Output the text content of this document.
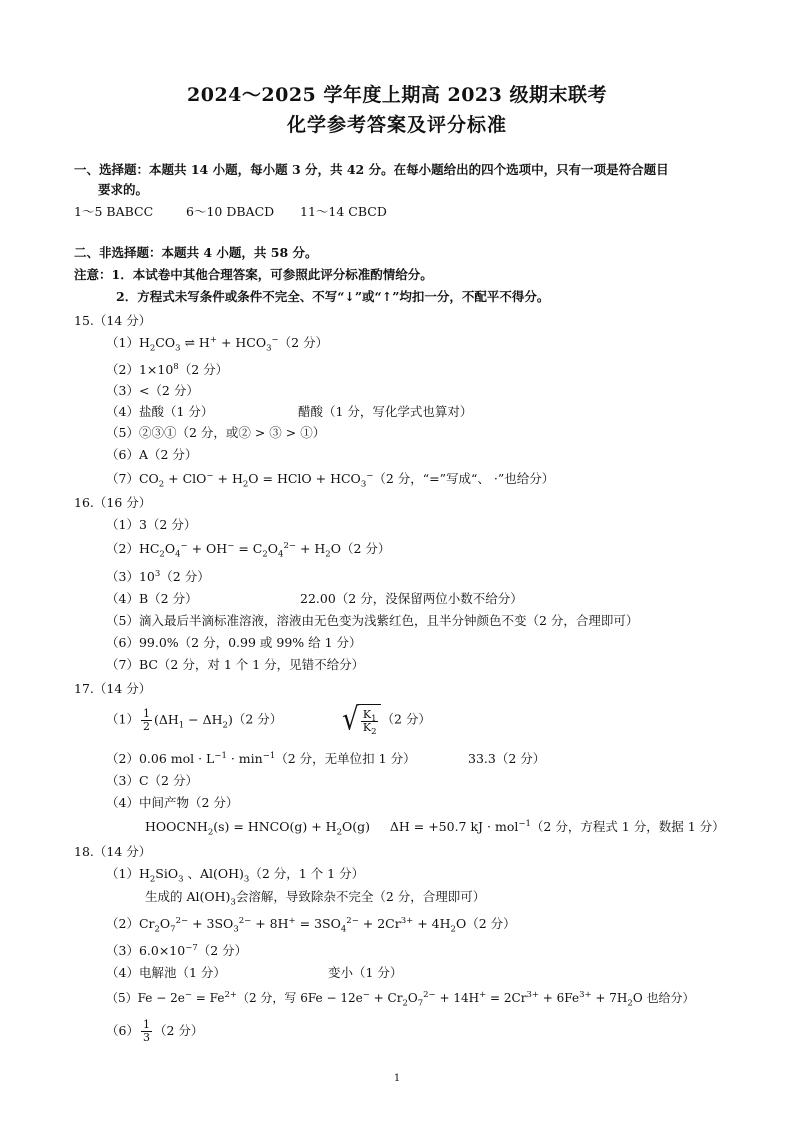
2024～2025 学年度上期高 2023 级期末联考
化学参考答案及评分标准
一、选择题：本题共 14 小题，每小题 3 分，共 42 分。在每小题给出的四个选项中，只有一项是符合题目
要求的。
1～5 BABCC	6～10 DBACD 11～14 CBCD
二、非选择题：本题共 4 小题，共 58 分。
注意：1．本试卷中其他合理答案，可参照此评分标准酌情给分。
2．方程式未写条件或条件不完全、不写“↓”或“↑”均扣一分，不配平不得分。
15.（14 分）
$(1)H_2CO_3$ ⇌ $H^+ + HCO_3^-(2$ 分）
$(2)1\times 10^8(2$ 分）
（3）<（2 分）
（4）盐酸（1 分）	醋酸（1 分，写化学式也算对）
（5）②③①（2 分，或② > ③ > ①）
（6）A（2 分）
$(7)CO_2 + ClO^- + H_2O$ = HClO + $HCO_3^-(2$ 分，“=”写成“、 ·”也给分）
16.（16 分）
（1）3（2 分）
$(2)HC_2O_4^- + OH^- = C_2O_4^{2-} + H_2O(2$ 分）
$(3)10^3(2$ 分）
（4）B（2 分）	22.00（2 分，没保留两位小数不给分）
（5）滴入最后半滴标准溶液，溶液由无色变为浅紫红色，且半分钟颜色不变（2 分，合理即可）
（6）99.0%（2 分，0.99 或 99% 给 1 分）
（7）BC（2 分，对 1 个 1 分，见错不给分）
17.（14 分）
$(1) \frac{1}{2} (\Delta H_1 - \Delta H_2)(2$ 分） √ $\frac{K_1}{K_2} (2$ 分）
（2）0.06 mol · $L^{-1} \cdot \min^{-1}(2$ 分，无单位扣 1 分）	33.3（2 分）
（3）C（2 分）
（4）中间产物（2 分）
$HOOCNH_2(s)$ = HNCO(g) + $H_2O(g)$     ΔH = +50.7 kJ · mol$^{-1}$（2 分，方程式 1 分，数据 1 分）
18.（14 分）
$(1)H_2SiO_3$ 、$Al(OH)_3(2$ 分，1 个 1 分）
生成的 $Al(OH)_3$会溶解，导致除杂不完全（2 分，合理即可）
$(2)Cr_2O_7^{2-} + 3SO_3^{2-} + 8H^+ = 3SO_4^{2-} + 2Cr^{3+} + 4H_2O(2$ 分）
$(3)6.0\times 10^{-7}(2$ 分）
（4）电解池（1 分）	变小（1 分）
$(5)Fe - 2e^- = Fe^{2+}(2$ 分，写 $6Fe - 12e^- + Cr_2O_7^{2-} + 14H^+ = 2Cr^{3+} + 6Fe^{3+} + 7H_2O$ 也给分）
$(6) \frac{1}{3} (2$ 分）
1
